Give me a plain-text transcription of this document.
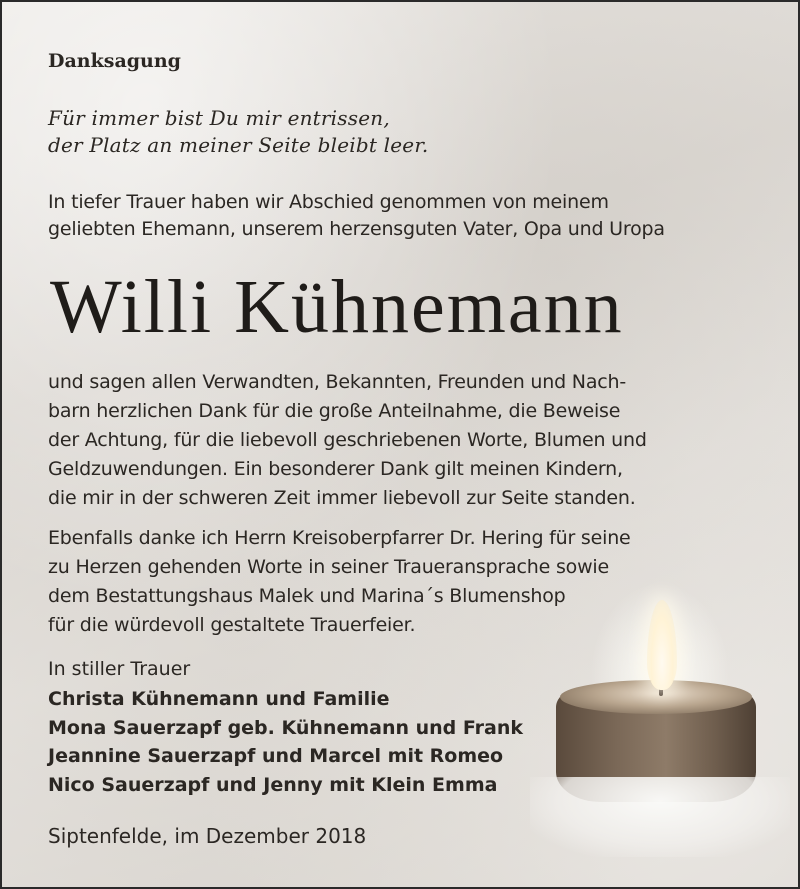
Danksagung

Für immer bist Du mir entrissen,
der Platz an meiner Seite bleibt leer.

In tiefer Trauer haben wir Abschied genommen von meinem
geliebten Ehemann, unserem herzensguten Vater, Opa und Uropa

Willi Kühnemann

und sagen allen Verwandten, Bekannten, Freunden und Nach-
barn herzlichen Dank für die große Anteilnahme, die Beweise
der Achtung, für die liebevoll geschriebenen Worte, Blumen und
Geldzuwendungen. Ein besonderer Dank gilt meinen Kindern,
die mir in der schweren Zeit immer liebevoll zur Seite standen.

Ebenfalls danke ich Herrn Kreisoberpfarrer Dr. Hering für seine
zu Herzen gehenden Worte in seiner Traueransprache sowie
dem Bestattungshaus Malek und Marina´s Blumenshop
für die würdevoll gestaltete Trauerfeier.

In stiller Trauer

Christa Kühnemann und Familie
Mona Sauerzapf geb. Kühnemann und Frank
Jeannine Sauerzapf und Marcel mit Romeo
Nico Sauerzapf und Jenny mit Klein Emma

Siptenfelde, im Dezember 2018
